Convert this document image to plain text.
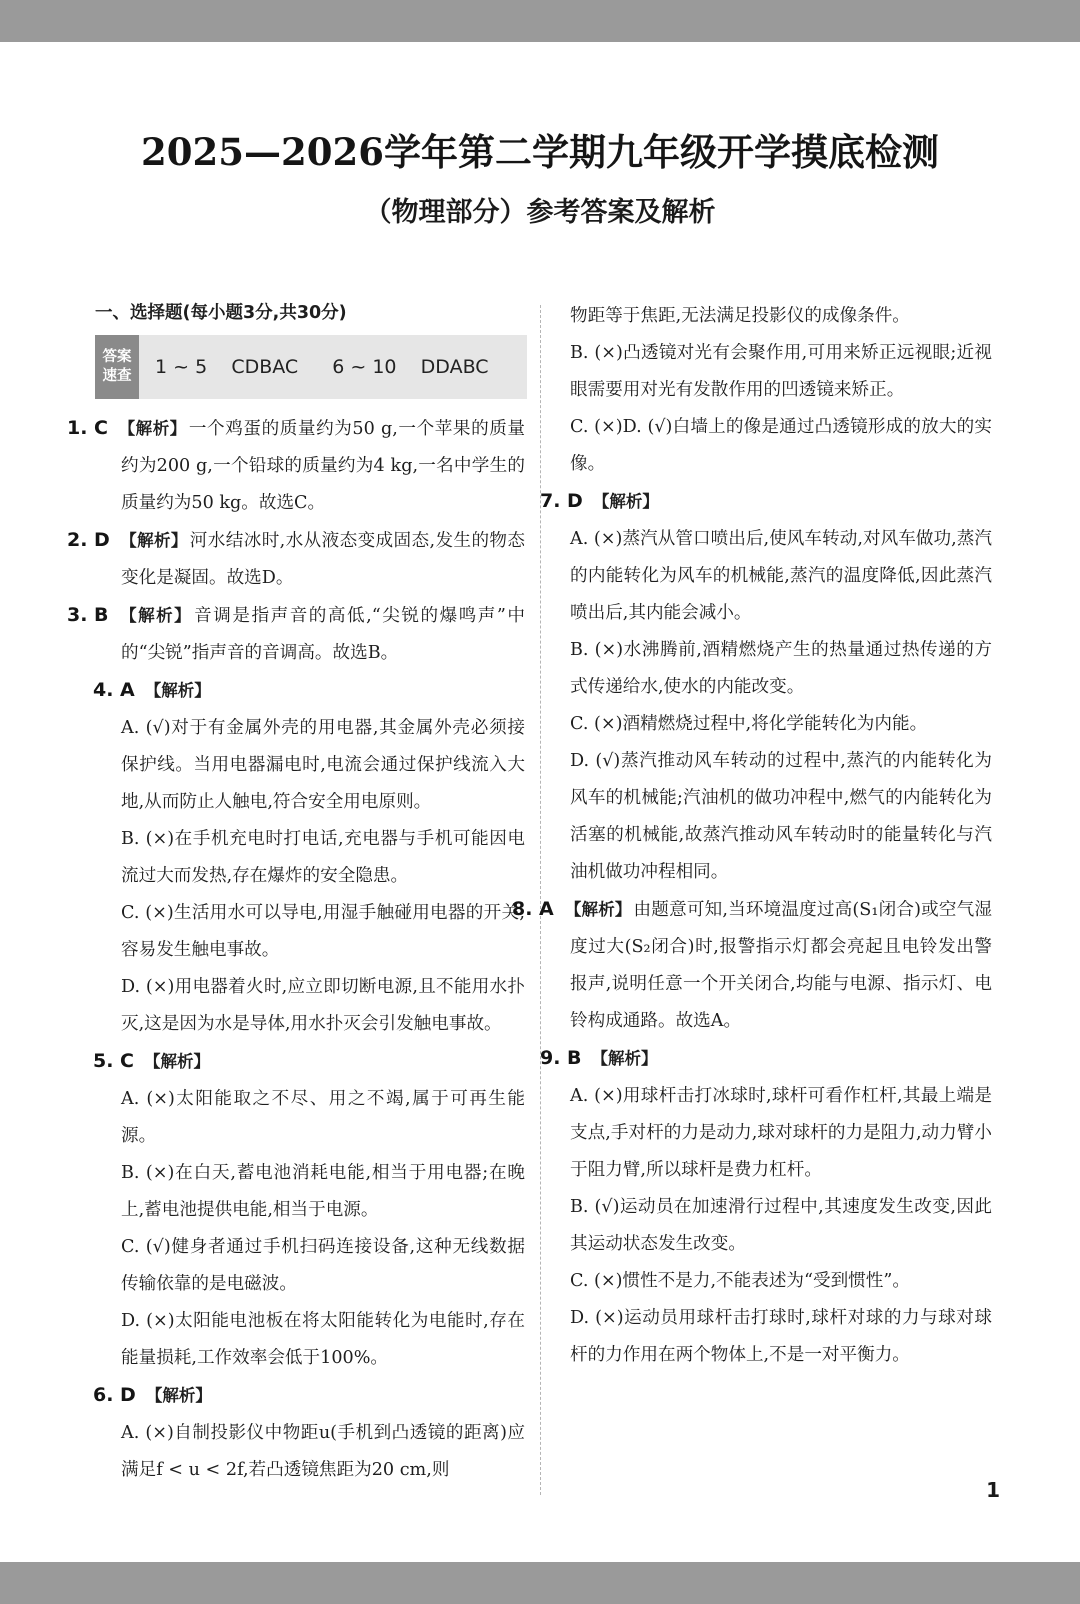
2025—2026学年第二学期九年级开学摸底检测
（物理部分）参考答案及解析
一、选择题(每小题3分,共30分)
答案
速查	1 ~ 5    CDBAC 6 ~ 10    DDABC
1. C 【解析】 一个鸡蛋的质量约为50 g,一个苹果的质量约为200 g,一个铅球的质量约为4 kg,一名中学生的质量约为50 kg。故选C。
2. D 【解析】 河水结冰时,水从液态变成固态,发生的物态变化是凝固。故选D。
3. B 【解析】 音调是指声音的高低,“尖锐的爆鸣声”中的“尖锐”指声音的音调高。故选B。
4. A 【解析】
A. (√)对于有金属外壳的用电器,其金属外壳必须接保护线。当用电器漏电时,电流会通过保护线流入大地,从而防止人触电,符合安全用电原则。
B. (×)在手机充电时打电话,充电器与手机可能因电流过大而发热,存在爆炸的安全隐患。
C. (×)生活用水可以导电,用湿手触碰用电器的开关,容易发生触电事故。
D. (×)用电器着火时,应立即切断电源,且不能用水扑灭,这是因为水是导体,用水扑灭会引发触电事故。
5. C 【解析】
A. (×)太阳能取之不尽、用之不竭,属于可再生能源。
B. (×)在白天,蓄电池消耗电能,相当于用电器;在晚上,蓄电池提供电能,相当于电源。
C. (√)健身者通过手机扫码连接设备,这种无线数据传输依靠的是电磁波。
D. (×)太阳能电池板在将太阳能转化为电能时,存在能量损耗,工作效率会低于100%。
6. D 【解析】
A. (×)自制投影仪中物距u(手机到凸透镜的距离)应满足f < u < 2f,若凸透镜焦距为20 cm,则
物距等于焦距,无法满足投影仪的成像条件。
B. (×)凸透镜对光有会聚作用,可用来矫正远视眼;近视眼需要用对光有发散作用的凹透镜来矫正。
C. (×)D. (√)白墙上的像是通过凸透镜形成的放大的实像。
7. D 【解析】
A. (×)蒸汽从管口喷出后,使风车转动,对风车做功,蒸汽的内能转化为风车的机械能,蒸汽的温度降低,因此蒸汽喷出后,其内能会减小。
B. (×)水沸腾前,酒精燃烧产生的热量通过热传递的方式传递给水,使水的内能改变。
C. (×)酒精燃烧过程中,将化学能转化为内能。
D. (√)蒸汽推动风车转动的过程中,蒸汽的内能转化为风车的机械能;汽油机的做功冲程中,燃气的内能转化为活塞的机械能,故蒸汽推动风车转动时的能量转化与汽油机做功冲程相同。
8. A 【解析】 由题意可知,当环境温度过高(S₁闭合)或空气湿度过大(S₂闭合)时,报警指示灯都会亮起且电铃发出警报声,说明任意一个开关闭合,均能与电源、指示灯、电铃构成通路。故选A。
9. B 【解析】
A. (×)用球杆击打冰球时,球杆可看作杠杆,其最上端是支点,手对杆的力是动力,球对球杆的力是阻力,动力臂小于阻力臂,所以球杆是费力杠杆。
B. (√)运动员在加速滑行过程中,其速度发生改变,因此其运动状态发生改变。
C. (×)惯性不是力,不能表述为“受到惯性”。
D. (×)运动员用球杆击打球时,球杆对球的力与球对球杆的力作用在两个物体上,不是一对平衡力。
1
